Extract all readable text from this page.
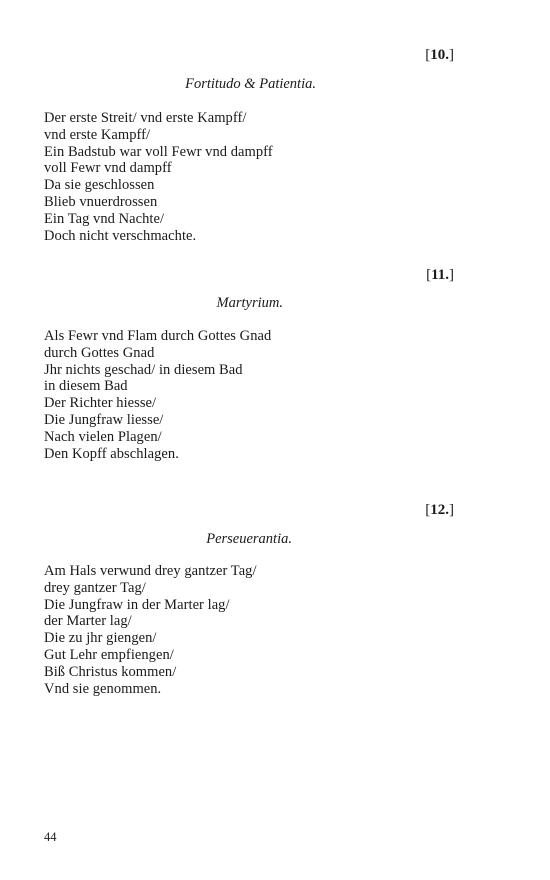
[10.]
Fortitudo & Patientia.
Der erste Streit/ vnd erste Kampff/
vnd erste Kampff/
Ein Badstub war voll Fewr vnd dampff
voll Fewr vnd dampff
Da sie geschlossen
Blieb vnuerdrossen
Ein Tag vnd Nachte/
Doch nicht verschmachte.
[11.]
Martyrium.
Als Fewr vnd Flam durch Gottes Gnad
durch Gottes Gnad
Jhr nichts geschad/ in diesem Bad
in diesem Bad
Der Richter hiesse/
Die Jungfraw liesse/
Nach vielen Plagen/
Den Kopff abschlagen.
[12.]
Perseuerantia.
Am Hals verwund drey gantzer Tag/
drey gantzer Tag/
Die Jungfraw in der Marter lag/
der Marter lag/
Die zu jhr giengen/
Gut Lehr empfiengen/
Biß Christus kommen/
Vnd sie genommen.
44
